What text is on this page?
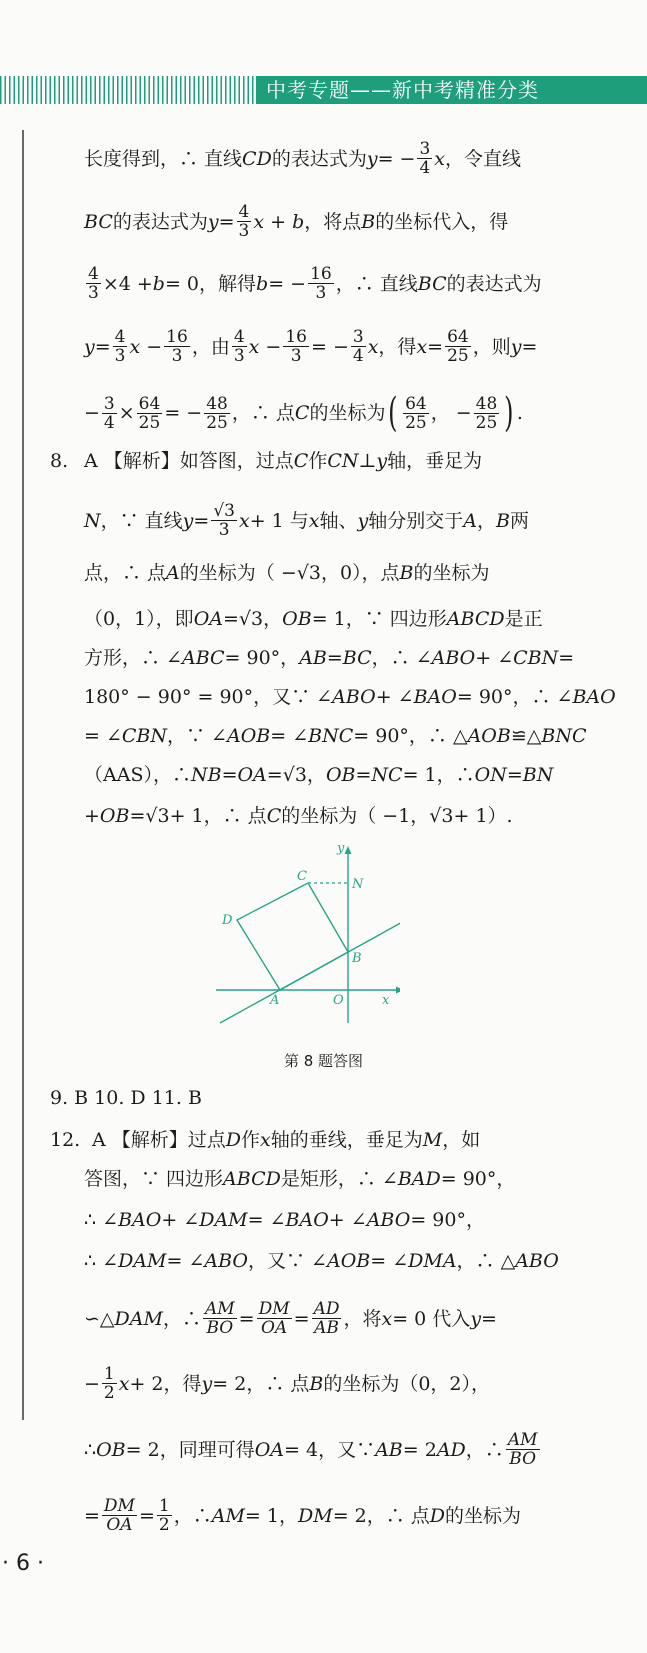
中考专题——新中考精准分类
长度得到，∴ 直线 CD 的表达式为 y = − $\frac{3}{4}$ x ，令直线
BC 的表达式为 $y = \frac{4}{3}$ x + b ，将点 B 的坐标代入，得
$\frac{4}{3} \times 4 + b = 0$，解得 b = − $\frac{16}{3}$ ，∴ 直线 BC 的表达式为
$y = \frac{4}{3}$ $x - \frac{16}{3}$ ，由 $\frac{4}{3}$ $x - \frac{16}{3}$ = − $\frac{3}{4}$ x ，得 $x = \frac{64}{25}$ ，则 y =
− $\frac{3}{4} \times \frac{64}{25}$ = − $\frac{48}{25}$ ，∴ 点 C 的坐标为 ( $\frac{64}{25}$ ， − $\frac{48}{25}$ ) .
8. A 【解析】如答图，过点 C 作 CN ⊥ y 轴，垂足为
N ，∵ 直线 $y = \frac{√3}{3}$ x + 1 与 x 轴、 y 轴分别交于 A ， B 两
点，∴ 点 A 的坐标为（ − √3 ，0），点 B 的坐标为
（0，1），即 OA = √3 ， OB = 1，∵ 四边形 ABCD 是正
方形，∴ ∠ ABC = 90°， AB = BC ，∴ ∠ ABO + ∠ CBN =
180° − 90° = 90°，又∵ ∠ ABO + ∠ BAO = 90°，∴ ∠ BAO
= ∠ CBN ，∵ ∠ AOB = ∠ BNC = 90°，∴ △ AOB ≌△ BNC
（AAS），∴ NB = OA = √3 ， OB = NC = 1，∴ ON = BN
+ OB = √3 + 1，∴ 点 C 的坐标为（ −1， √3 + 1）.
y
C
N
D
B
A	O	x
第 8 题答图
9. B 10. D 11. B
12. A 【解析】过点 D 作 x 轴的垂线，垂足为 M ，如
答图，∵ 四边形 ABCD 是矩形，∴ ∠ BAD = 90°，
∴ ∠ BAO + ∠ DAM = ∠ BAO + ∠ ABO = 90°，
∴ ∠ DAM = ∠ ABO ，又∵ ∠ AOB = ∠ DMA ，∴ △ ABO
∽△ DAM ，∴ $\frac{AM}{BO} = \frac{DM}{OA} = \frac{AD}{AB}$ ，将 x = 0 代入 y =
− $\frac{1}{2}$ x + 2，得 y = 2，∴ 点 B 的坐标为（0，2），
∴ OB = 2，同理可得 OA = 4，又∵ AB = 2 AD ，∴ $\frac{AM}{BO}$
= $\frac{DM}{OA} = \frac{1}{2}$ ，∴ AM = 1， DM = 2，∴ 点 D 的坐标为
· 6 ·
